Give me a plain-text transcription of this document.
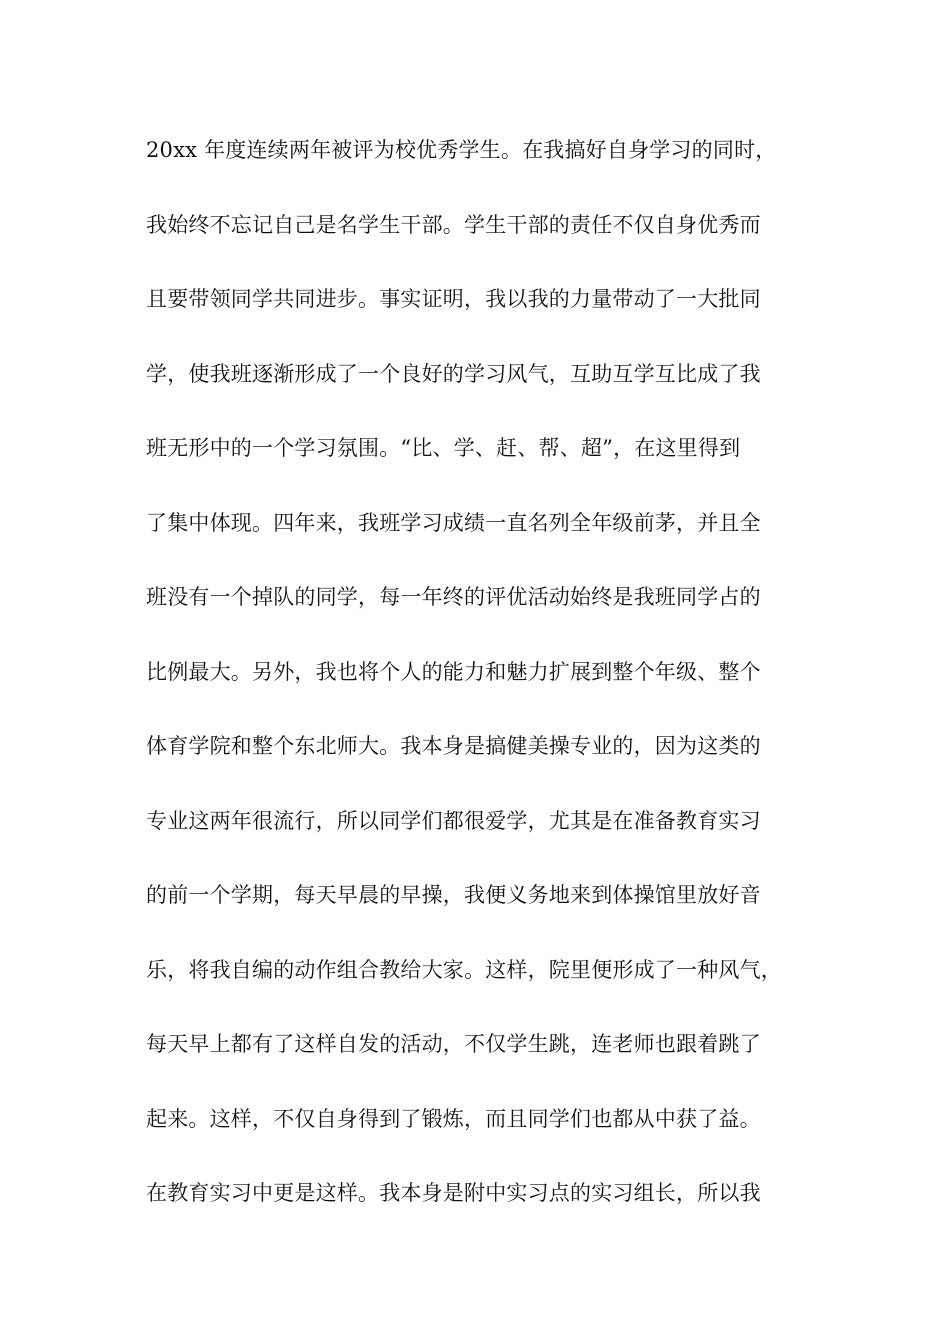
20xx 年度连续两年被评为校优秀学生。在我搞好自身学习的同时，
我始终不忘记自己是名学生干部。学生干部的责任不仅自身优秀而
且要带领同学共同进步。事实证明，我以我的力量带动了一大批同
学，使我班逐渐形成了一个良好的学习风气，互助互学互比成了我
班无形中的一个学习氛围。“比、学、赶、帮、超”，在这里得到
了集中体现。四年来，我班学习成绩一直名列全年级前茅，并且全
班没有一个掉队的同学，每一年终的评优活动始终是我班同学占的
比例最大。另外，我也将个人的能力和魅力扩展到整个年级、整个
体育学院和整个东北师大。我本身是搞健美操专业的，因为这类的
专业这两年很流行，所以同学们都很爱学，尤其是在准备教育实习
的前一个学期，每天早晨的早操，我便义务地来到体操馆里放好音
乐，将我自编的动作组合教给大家。这样，院里便形成了一种风气，
每天早上都有了这样自发的活动，不仅学生跳，连老师也跟着跳了
起来。这样，不仅自身得到了锻炼，而且同学们也都从中获了益。
在教育实习中更是这样。我本身是附中实习点的实习组长，所以我
